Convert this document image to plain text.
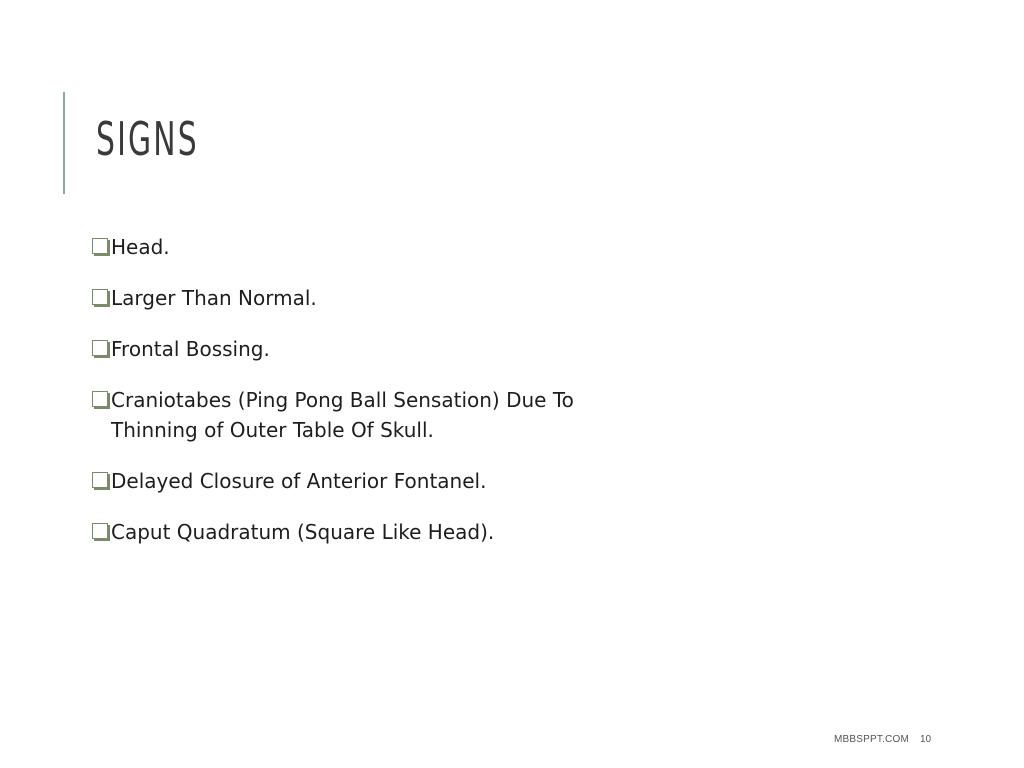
SIGNS
Head.
Larger Than Normal.
Frontal Bossing.
Craniotabes (Ping Pong Ball Sensation) Due To Thinning of Outer Table Of Skull.
Delayed Closure of Anterior Fontanel.
Caput Quadratum (Square Like Head).
MBBSPPT.COM 10
